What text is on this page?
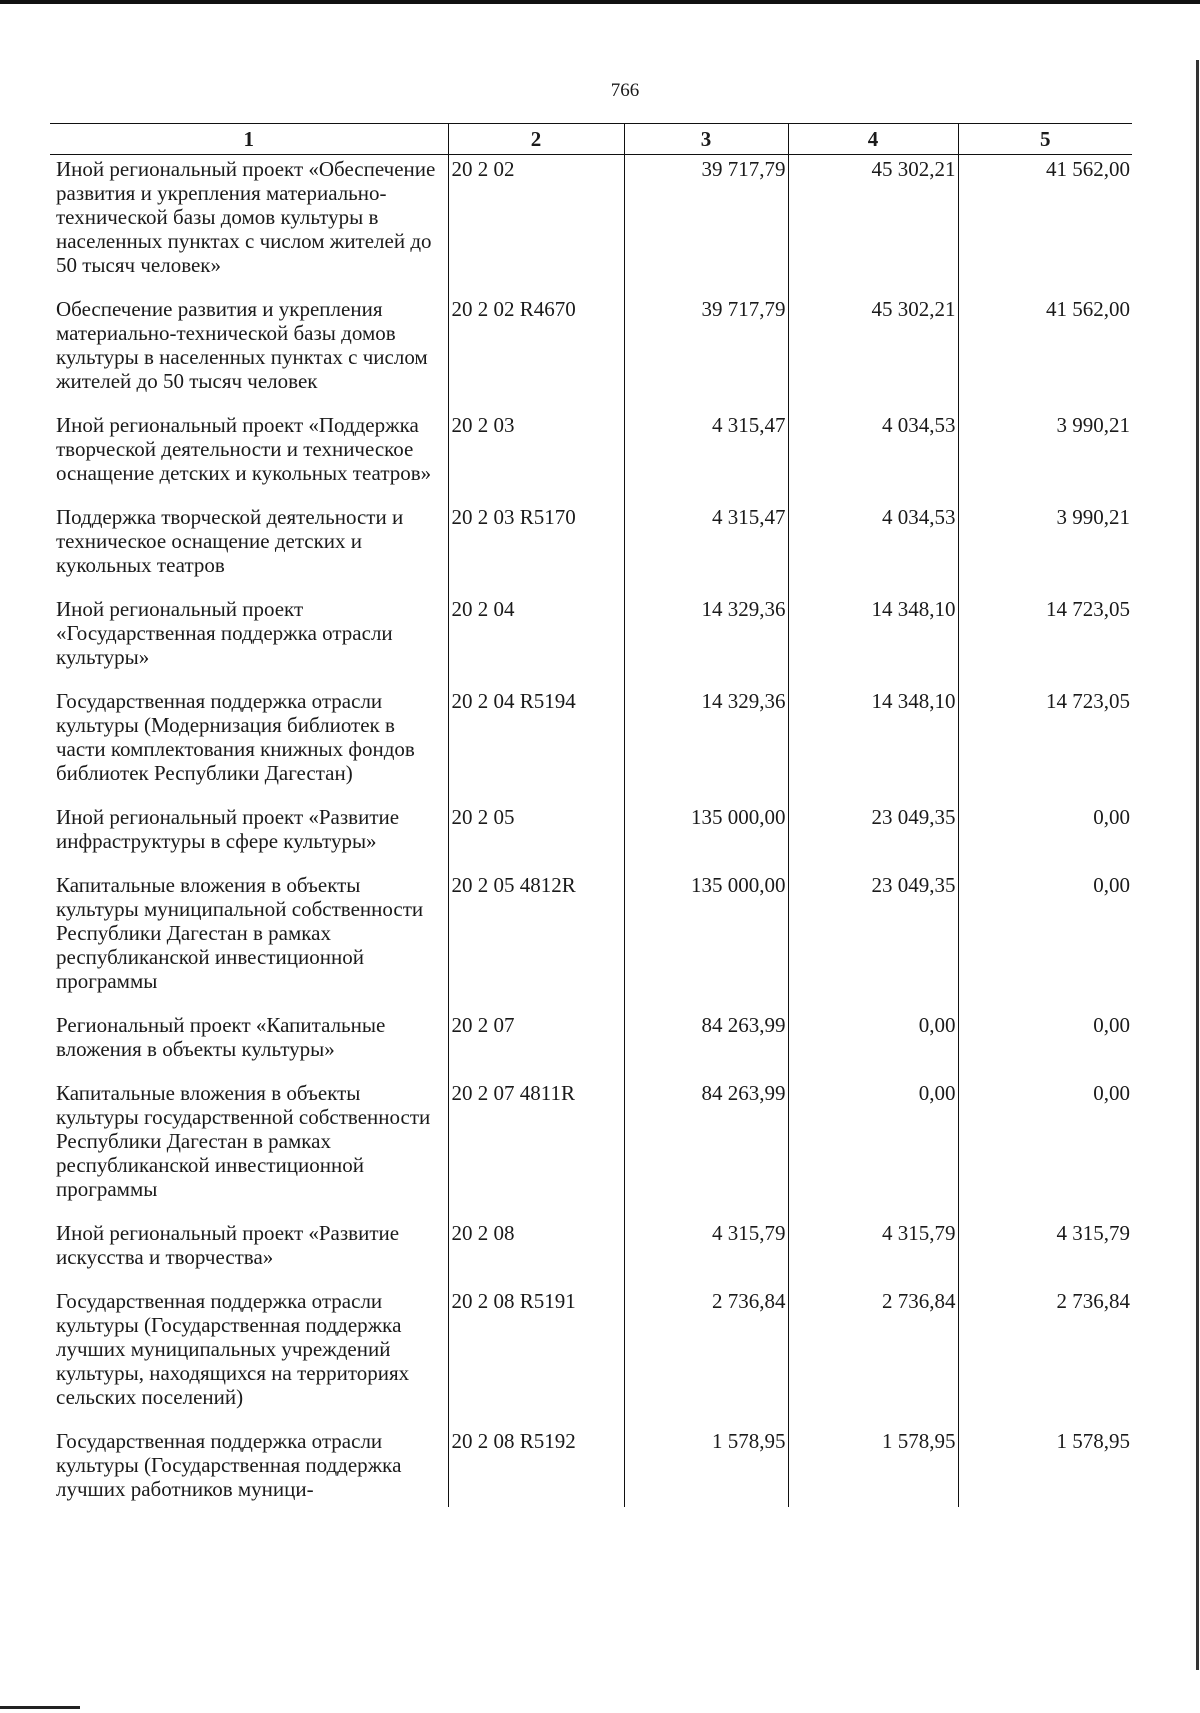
766
1	2	3	4	5
Иной региональный проект «Обеспечение развития и укрепления материально-технической базы домов культуры в населенных пунктах с числом жителей до 50 тысяч человек»	20 2 02	39 717,79	45 302,21	41 562,00
Обеспечение развития и укрепления материально-технической базы домов культуры в населенных пунктах с числом жителей до 50 тысяч человек	20 2 02 R4670	39 717,79	45 302,21	41 562,00
Иной региональный проект «Поддержка творческой деятельности и техническое оснащение детских и кукольных театров»	20 2 03	4 315,47	4 034,53	3 990,21
Поддержка творческой деятельности и техническое оснащение детских и кукольных театров	20 2 03 R5170	4 315,47	4 034,53	3 990,21
Иной региональный проект «Государственная поддержка отрасли культуры»	20 2 04	14 329,36	14 348,10	14 723,05
Государственная поддержка отрасли культуры (Модернизация библиотек в части комплектования книжных фондов библиотек Республики Дагестан)	20 2 04 R5194	14 329,36	14 348,10	14 723,05
Иной региональный проект «Развитие инфраструктуры в сфере культуры»	20 2 05	135 000,00	23 049,35	0,00
Капитальные вложения в объекты культуры муниципальной собственности Республики Дагестан в рамках республиканской инвестиционной программы	20 2 05 4812R	135 000,00	23 049,35	0,00
Региональный проект «Капитальные вложения в объекты культуры»	20 2 07	84 263,99	0,00	0,00
Капитальные вложения в объекты культуры государственной собственности Республики Дагестан в рамках республиканской инвестиционной программы	20 2 07 4811R	84 263,99	0,00	0,00
Иной региональный проект «Развитие искусства и творчества»	20 2 08	4 315,79	4 315,79	4 315,79
Государственная поддержка отрасли культуры (Государственная поддержка лучших муниципальных учреждений культуры, находящихся на территориях сельских поселений)	20 2 08 R5191	2 736,84	2 736,84	2 736,84
Государственная поддержка отрасли культуры (Государственная поддержка лучших работников муници-	20 2 08 R5192	1 578,95	1 578,95	1 578,95
